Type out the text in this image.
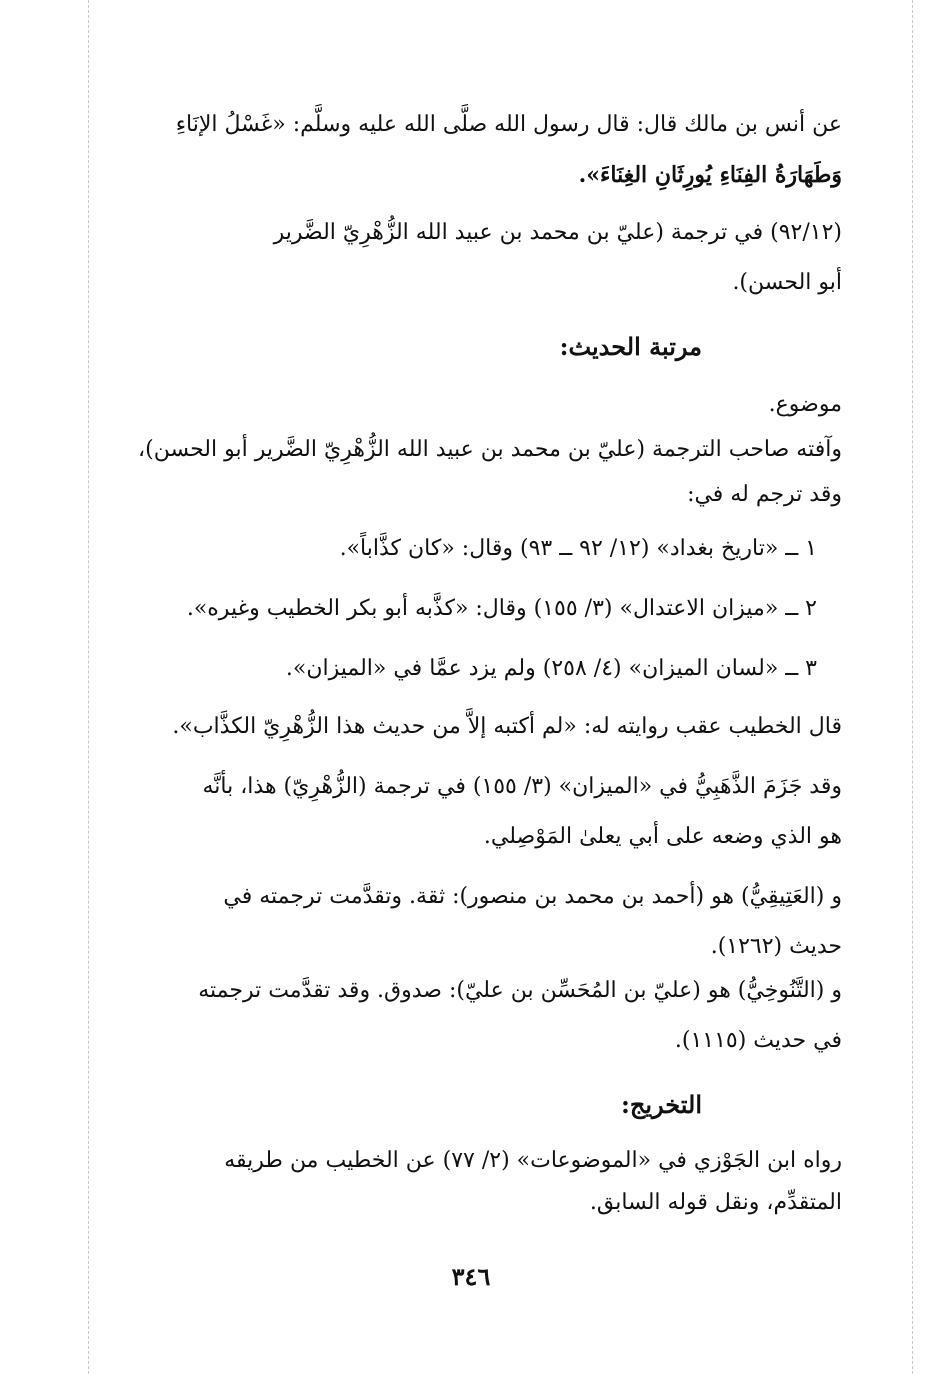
عن أنس بن مالك قال: قال رسول الله صلَّى الله عليه وسلَّم: «غَسْلُ الإنَاءِ
وَطَهَارَةُ الفِنَاءِ يُورِثَانِ الغِنَاءَ».
(٩٢/١٢) في ترجمة (عليّ بن محمد بن عبيد الله الزُّهْرِيّ الضَّرير
أبو الحسن).
مرتبة الحديث:
موضوع.
وآفته صاحب الترجمة (عليّ بن محمد بن عبيد الله الزُّهْرِيّ الضَّرير أبو الحسن)،
وقد ترجم له في:
١ ــ «تاريخ بغداد» (١٢/ ٩٢ ــ ٩٣) وقال: «كان كذَّاباً».
٢ ــ «ميزان الاعتدال» (٣/ ١٥٥) وقال: «كذَّبه أبو بكر الخطيب وغيره».
٣ ــ «لسان الميزان» (٤/ ٢٥٨) ولم يزد عمَّا في «الميزان».
قال الخطيب عقب روايته له: «لم أكتبه إلاَّ من حديث هذا الزُّهْرِيّ الكذَّاب».
وقد جَزَمَ الذَّهَبِيُّ في «الميزان» (٣/ ١٥٥) في ترجمة (الزُّهْرِيّ) هذا، بأنَّه
هو الذي وضعه على أبي يعلىٰ المَوْصِلي.
و (العَتِيقِيُّ) هو (أحمد بن محمد بن منصور): ثقة. وتقدَّمت ترجمته في
حديث (١٢٦٢).
و (التَّنُوخِيُّ) هو (عليّ بن المُحَسِّن بن عليّ): صدوق. وقد تقدَّمت ترجمته
في حديث (١١١٥).
التخريج:
رواه ابن الجَوْزي في «الموضوعات» (٢/ ٧٧) عن الخطيب من طريقه
المتقدِّم، ونقل قوله السابق.
٣٤٦
